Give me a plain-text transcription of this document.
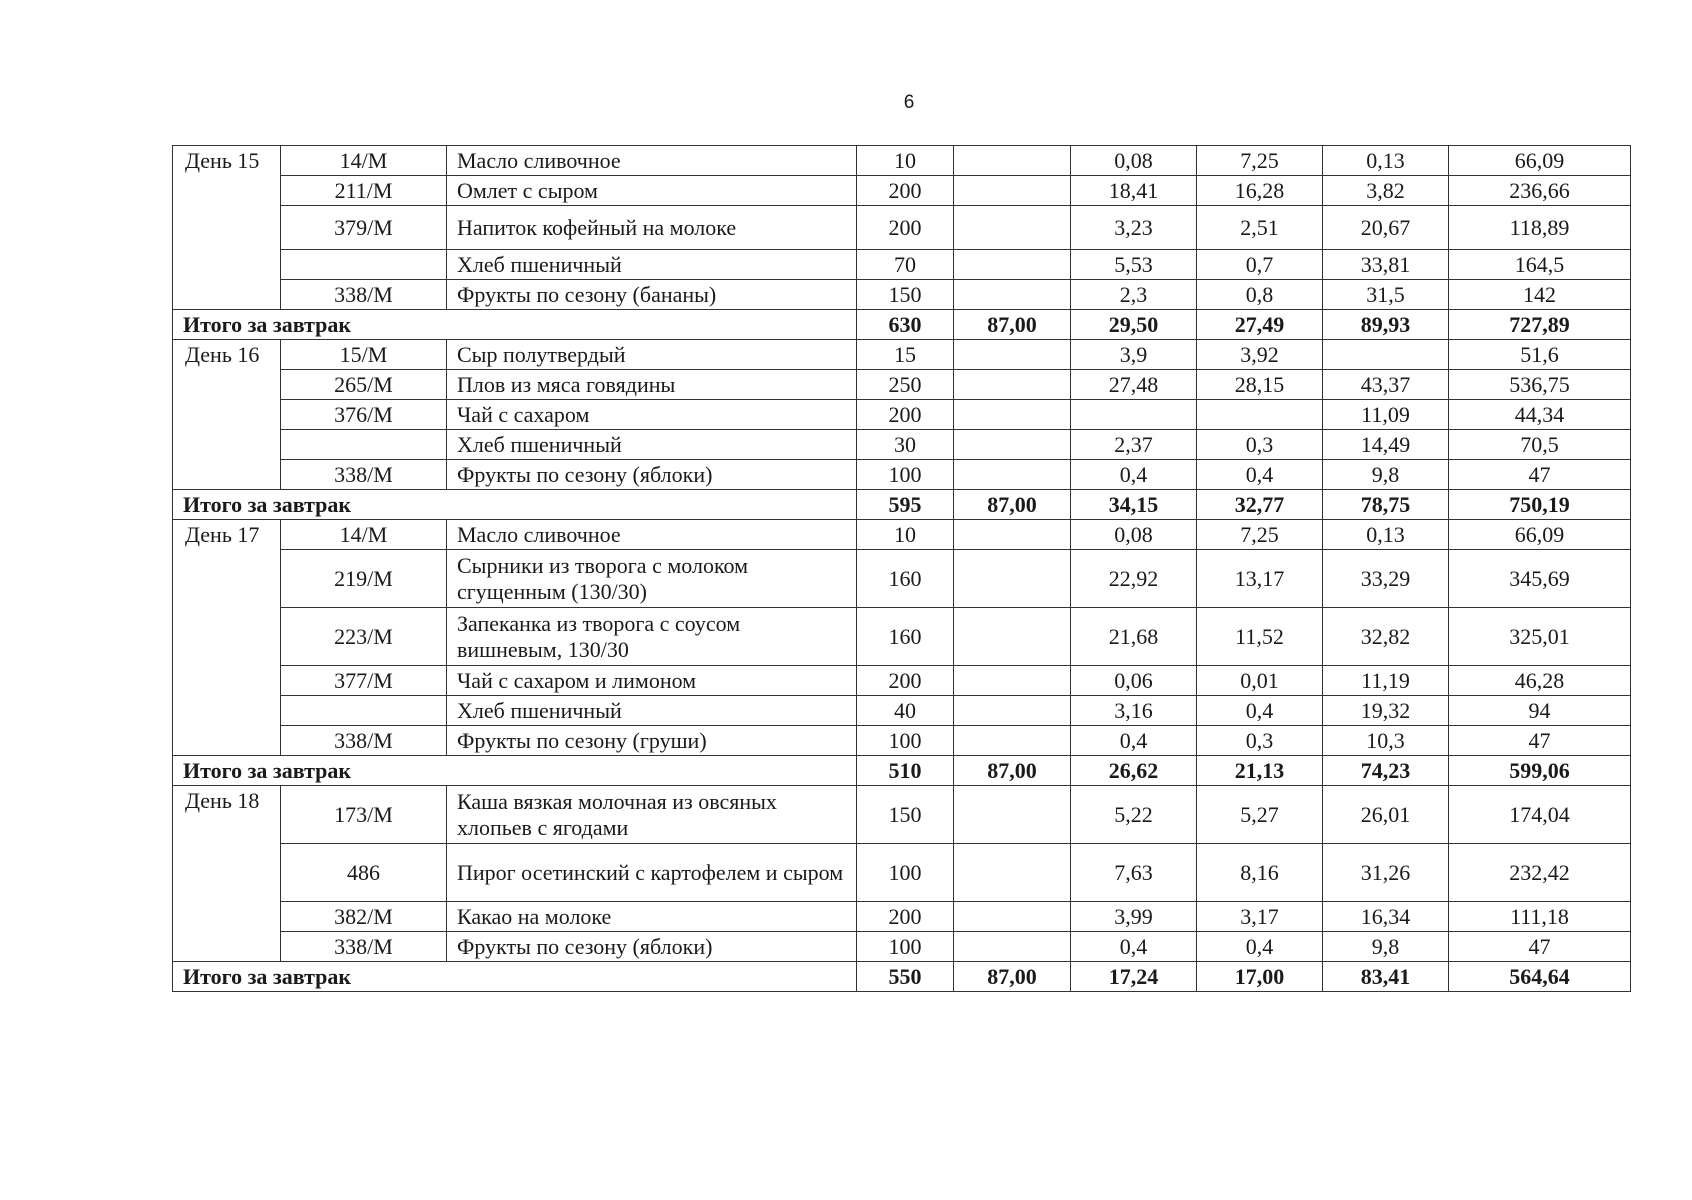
6
День 15	14/М	Масло сливочное	10		0,08	7,25	0,13	66,09
	211/М	Омлет с сыром	200		18,41	16,28	3,82	236,66
	379/М	Напиток кофейный на молоке	200		3,23	2,51	20,67	118,89
		Хлеб пшеничный	70		5,53	0,7	33,81	164,5
	338/М	Фрукты по сезону (бананы)	150		2,3	0,8	31,5	142
Итого за завтрак			630	87,00	29,50	27,49	89,93	727,89
День 16	15/М	Сыр полутвердый	15		3,9	3,92		51,6
	265/М	Плов из мяса говядины	250		27,48	28,15	43,37	536,75
	376/М	Чай с сахаром	200				11,09	44,34
		Хлеб пшеничный	30		2,37	0,3	14,49	70,5
	338/М	Фрукты по сезону (яблоки)	100		0,4	0,4	9,8	47
Итого за завтрак			595	87,00	34,15	32,77	78,75	750,19
День 17	14/М	Масло сливочное	10		0,08	7,25	0,13	66,09
	219/М	Сырники из творога с молоком сгущенным (130/30)	160		22,92	13,17	33,29	345,69
	223/М	Запеканка из творога с соусом вишневым, 130/30	160		21,68	11,52	32,82	325,01
	377/М	Чай с сахаром и лимоном	200		0,06	0,01	11,19	46,28
		Хлеб пшеничный	40		3,16	0,4	19,32	94
	338/М	Фрукты по сезону (груши)	100		0,4	0,3	10,3	47
Итого за завтрак			510	87,00	26,62	21,13	74,23	599,06
День 18	173/М	Каша вязкая молочная из овсяных хлопьев с ягодами	150		5,22	5,27	26,01	174,04
	486	Пирог осетинский с картофелем и сыром	100		7,63	8,16	31,26	232,42
	382/М	Какао на молоке	200		3,99	3,17	16,34	111,18
	338/М	Фрукты по сезону (яблоки)	100		0,4	0,4	9,8	47
Итого за завтрак			550	87,00	17,24	17,00	83,41	564,64
